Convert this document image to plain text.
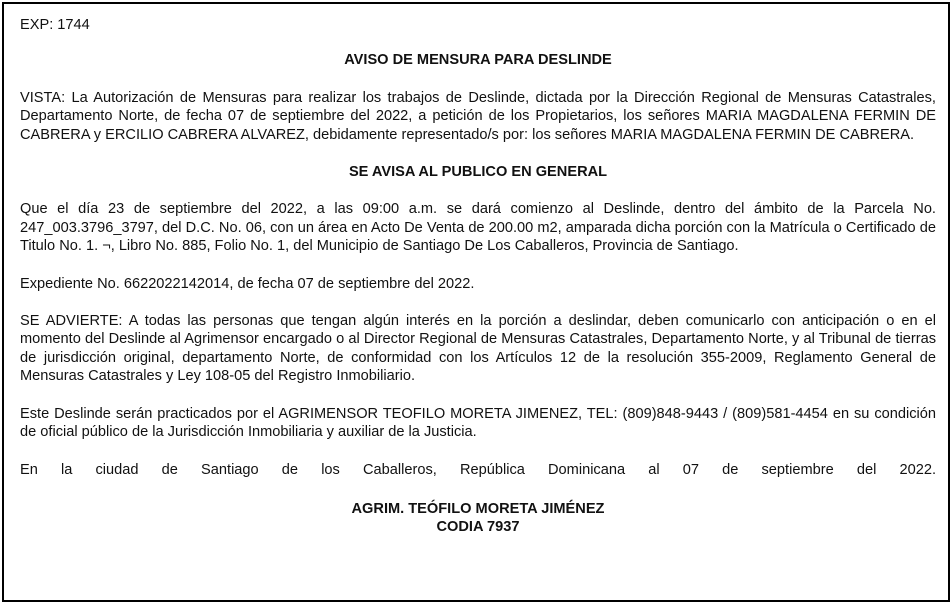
EXP: 1744

AVISO DE MENSURA PARA DESLINDE

VISTA: La Autorización de Mensuras para realizar los trabajos de Deslinde, dictada por la Dirección Regional de Mensuras Catastrales, Departamento Norte, de fecha 07 de septiembre del 2022, a petición de los Propietarios, los señores MARIA MAGDALENA FERMIN DE CABRERA y ERCILIO CABRERA ALVAREZ, debidamente representado/s por: los señores MARIA MAGDALENA FERMIN DE CABRERA.

SE AVISA AL PUBLICO EN GENERAL

Que el día 23 de septiembre del 2022, a las 09:00 a.m. se dará comienzo al Deslinde, dentro del ámbito de la Parcela No. 247_003.3796_3797, del D.C. No. 06, con un área en Acto De Venta de 200.00 m2, amparada dicha porción con la Matrícula o Certificado de Titulo No. 1. ¬, Libro No. 885, Folio No. 1, del Municipio de Santiago De Los Caballeros, Provincia de Santiago.

Expediente No. 6622022142014, de fecha 07 de septiembre del 2022.

SE ADVIERTE: A todas las personas que tengan algún interés en la porción a deslindar, deben comunicarlo con anticipación o en el momento del Deslinde al Agrimensor encargado o al Director Regional de Mensuras Catastrales, Departamento Norte, y al Tribunal de tierras de jurisdicción original, departamento Norte, de conformidad con los Artículos 12 de la resolución 355-2009, Reglamento General de Mensuras Catastrales y Ley 108-05 del Registro Inmobiliario.

Este Deslinde serán practicados por el AGRIMENSOR TEOFILO MORETA JIMENEZ, TEL: (809)848-9443 / (809)581-4454 en su condición de oficial público de la Jurisdicción Inmobiliaria y auxiliar de la Justicia.

En la ciudad de Santiago de los Caballeros, República Dominicana al 07 de septiembre del 2022.

AGRIM. TEÓFILO MORETA JIMÉNEZ

CODIA 7937
